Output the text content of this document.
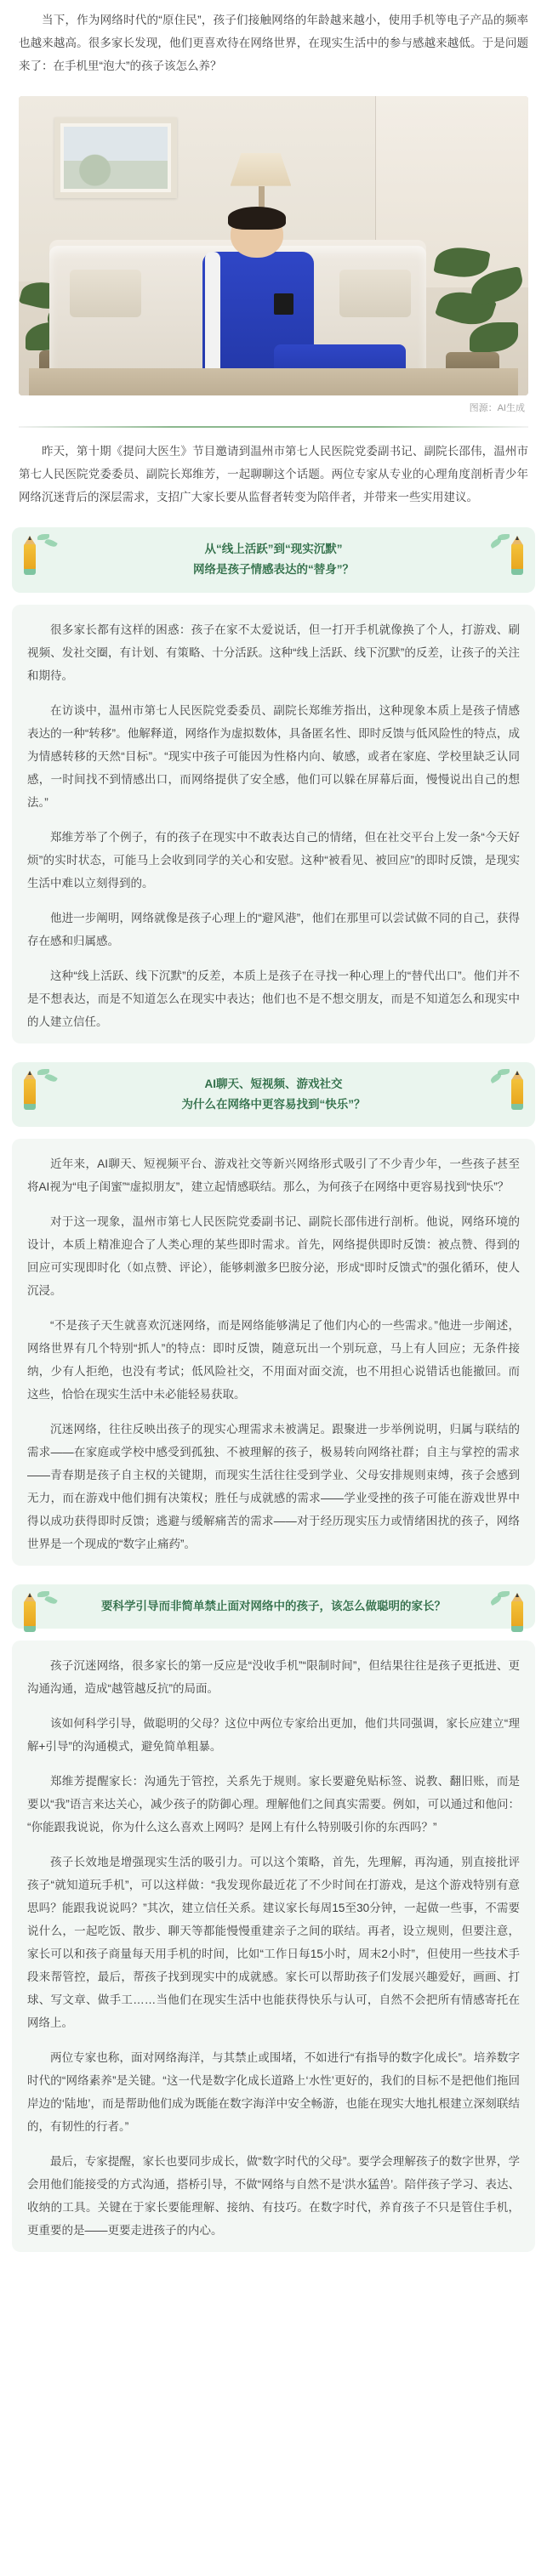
当下，作为网络时代的“原住民”，孩子们接触网络的年龄越来越小，使用手机等电子产品的频率也越来越高。很多家长发现，他们更喜欢待在网络世界，在现实生活中的参与感越来越低。于是问题来了：在手机里“泡大”的孩子该怎么养？

图源：AI生成

昨天，第十期《提问大医生》节目邀请到温州市第七人民医院党委副书记、副院长邵伟，温州市第七人民医院党委委员、副院长郑维芳，一起聊聊这个话题。两位专家从专业的心理角度剖析青少年网络沉迷背后的深层需求，支招广大家长要从监督者转变为陪伴者，并带来一些实用建议。

从“线上活跃”到“现实沉默”
网络是孩子情感表达的“替身”？

很多家长都有这样的困惑：孩子在家不太爱说话，但一打开手机就像换了个人，打游戏、刷视频、发社交圈，有计划、有策略、十分活跃。这种“线上活跃、线下沉默”的反差，让孩子的关注和期待。

在访谈中，温州市第七人民医院党委委员、副院长郑维芳指出，这种现象本质上是孩子情感表达的一种“转移”。他解释道，网络作为虚拟数体，具备匿名性、即时反馈与低风险性的特点，成为情感转移的天然“目标”。“现实中孩子可能因为性格内向、敏感，或者在家庭、学校里缺乏认同感，一时间找不到情感出口，而网络提供了安全感，他们可以躲在屏幕后面，慢慢说出自己的想法。”

郑维芳举了个例子，有的孩子在现实中不敢表达自己的情绪，但在社交平台上发一条“今天好烦”的实时状态，可能马上会收到同学的关心和安慰。这种“被看见、被回应”的即时反馈，是现实生活中难以立刻得到的。

他进一步阐明，网络就像是孩子心理上的“避风港”，他们在那里可以尝试做不同的自己，获得存在感和归属感。

这种“线上活跃、线下沉默”的反差，本质上是孩子在寻找一种心理上的“替代出口”。他们并不是不想表达，而是不知道怎么在现实中表达；他们也不是不想交朋友，而是不知道怎么和现实中的人建立信任。

AI聊天、短视频、游戏社交
为什么在网络中更容易找到“快乐”？

近年来，AI聊天、短视频平台、游戏社交等新兴网络形式吸引了不少青少年，一些孩子甚至将AI视为“电子闺蜜”“虚拟朋友”，建立起情感联结。那么，为何孩子在网络中更容易找到“快乐”？

对于这一现象，温州市第七人民医院党委副书记、副院长邵伟进行剖析。他说，网络环境的设计，本质上精准迎合了人类心理的某些即时需求。首先，网络提供即时反馈：被点赞、得到的回应可实现即时化（如点赞、评论），能够刺激多巴胺分泌，形成“即时反馈式”的强化循环，使人沉浸。

“不是孩子天生就喜欢沉迷网络，而是网络能够满足了他们内心的一些需求。”他进一步阐述，网络世界有几个特别“抓人”的特点：即时反馈，随意玩出一个别玩意，马上有人回应；无条件接纳，少有人拒绝，也没有考试；低风险社交，不用面对面交流，也不用担心说错话也能撤回。而这些，恰恰在现实生活中未必能轻易获取。

沉迷网络，往往反映出孩子的现实心理需求未被满足。跟聚进一步举例说明，归属与联结的需求——在家庭或学校中感受到孤独、不被理解的孩子，极易转向网络社群；自主与掌控的需求——青春期是孩子自主权的关键期，而现实生活往往受到学业、父母安排规则束缚，孩子会感到无力，而在游戏中他们拥有决策权；胜任与成就感的需求——学业受挫的孩子可能在游戏世界中得以成功获得即时反馈；逃避与缓解痛苦的需求——对于经历现实压力或情绪困扰的孩子，网络世界是一个现成的“数字止痛药”。

要科学引导而非简单禁止面对网络中的孩子，该怎么做聪明的家长？

孩子沉迷网络，很多家长的第一反应是“没收手机”“限制时间”，但结果往往是孩子更抵进、更沟通沟通，造成“越管越反抗”的局面。

该如何科学引导，做聪明的父母？这位中两位专家给出更加，他们共同强调，家长应建立“理解+引导”的沟通模式，避免简单粗暴。

郑维芳提醒家长：沟通先于管控，关系先于规则。家长要避免贴标签、说教、翻旧账，而是要以“我”语言来达关心，减少孩子的防御心理。理解他们之间真实需要。例如，可以通过和他问：“你能跟我说说，你为什么这么喜欢上网吗？是网上有什么特别吸引你的东西吗？”

孩子长效地是增强现实生活的吸引力。可以这个策略，首先，先理解，再沟通，别直接批评孩子“就知道玩手机”，可以这样做：“我发现你最近花了不少时间在打游戏，是这个游戏特别有意思吗？能跟我说说吗？”其次，建立信任关系。建议家长每周15至30分钟，一起做一些事，不需要说什么，一起吃饭、散步、聊天等都能慢慢重建亲子之间的联结。再者，设立规则，但要注意，家长可以和孩子商量每天用手机的时间，比如“工作日每15小时，周末2小时”，但使用一些技术手段来帮管控，最后，帮孩子找到现实中的成就感。家长可以帮助孩子们发展兴趣爱好，画画、打球、写文章、做手工……当他们在现实生活中也能获得快乐与认可，自然不会把所有情感寄托在网络上。

两位专家也称，面对网络海洋，与其禁止或围堵，不如进行“有指导的数字化成长”。培养数字时代的“网络素养”是关键。“这一代是数字化成长道路上‘水性’更好的，我们的目标不是把他们拖回岸边的‘陆地’，而是帮助他们成为既能在数字海洋中安全畅游，也能在现实大地扎根建立深刻联结的，有韧性的行者。”

最后，专家提醒，家长也要同步成长，做“数字时代的父母”。要学会理解孩子的数字世界，学会用他们能接受的方式沟通，搭桥引导，不做“网络与自然不是‘洪水猛兽’。陪伴孩子学习、表达、收纳的工具。关键在于家长要能理解、接纳、有技巧。在数字时代，养育孩子不只是管住手机，更重要的是——更要走进孩子的内心。
